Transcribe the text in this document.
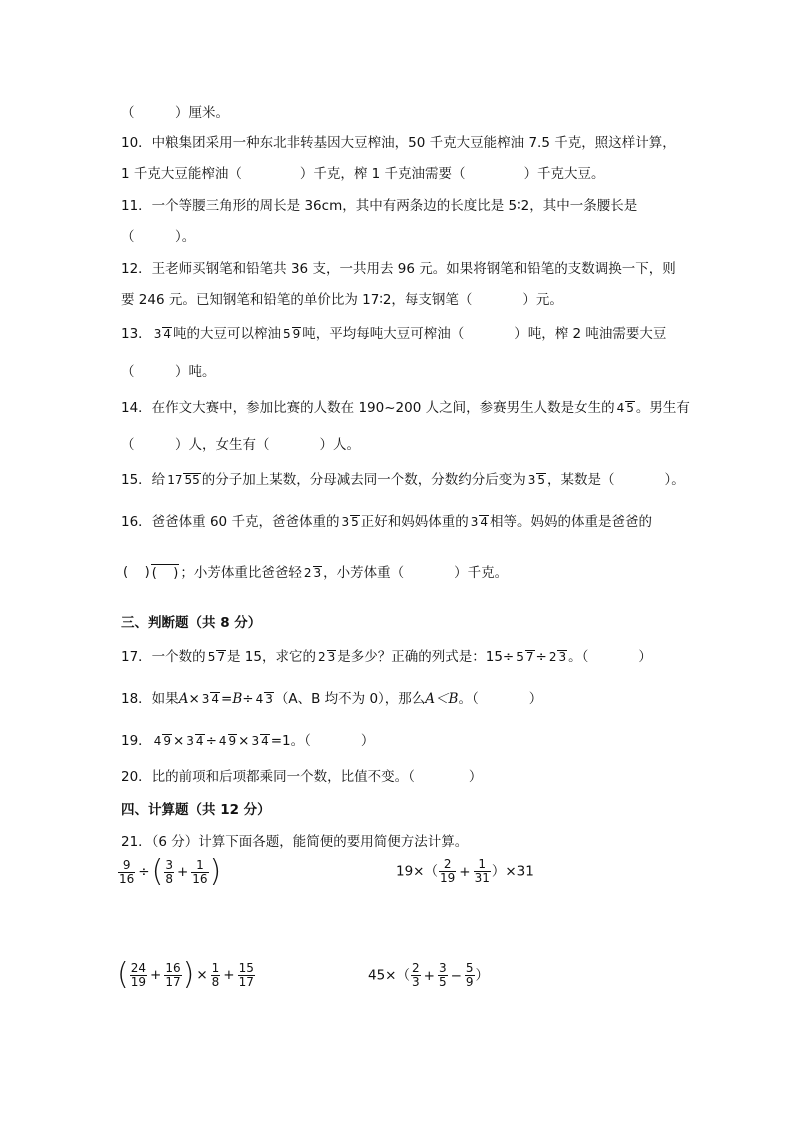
（　　　）厘米。
10．中粮集团采用一种东北非转基因大豆榨油，50 千克大豆能榨油 7.5 千克，照这样计算，
1 千克大豆能榨油（	）千克，榨 1 千克油需要（	）千克大豆。
11．一个等腰三角形的周长是 36cm，其中有两条边的长度比是 5∶2，其中一条腰长是
（　　　）。
12．王老师买钢笔和铅笔共 36 支，一共用去 96 元。如果将钢笔和铅笔的支数调换一下，则
要 246 元。已知钢笔和铅笔的单价比为 17∶2，每支钢笔（	）元。
13． 3 4 吨的大豆可以榨油 5 9 吨，平均每吨大豆可榨油（	）吨，榨 2 吨油需要大豆
（　　　）吨。
14．在作文大赛中，参加比赛的人数在 190~200 人之间，参赛男生人数是女生的 4 5 。男生有
（　　　）人，女生有（	）人。
15．给 17 55 的分子加上某数，分母减去同一个数，分数约分后变为 3 5 ，某数是（	）。
16．爸爸体重 60 千克，爸爸体重的 3 5 正好和妈妈体重的 3 4 相等。妈妈的体重是爸爸的
(    ) (    ) ；小芳体重比爸爸轻 2 3 ，小芳体重（	）千克。
三、判断题（共 8 分）
17．一个数的 5 7 是 15，求它的 2 3 是多少？正确的列式是：15÷ 5 7 ÷ 2 3 。（	）
18．如果A× 3 4 =B÷ 4 3 （A、B 均不为 0），那么A＜B。（	）
19． 4 9 × 3 4 ÷ 4 9 × 3 4 =1。（	）
20．比的前项和后项都乘同一个数，比值不变。（　　　　）
四、计算题（共 12 分）
21．（6 分）计算下面各题，能简便的要用简便方法计算。
$\frac{9}{16}$ ÷( $\frac{3}{8} + \frac{1}{16}$ )	$19\times( \frac{2}{19} + \frac{1}{31} )\times 31$
( $\frac{24}{19} + \frac{16}{17}$ ) × $\frac{1}{8} + \frac{15}{17}$	$45\times( \frac{2}{3} + \frac{3}{5} - \frac{5}{9}$ ）
